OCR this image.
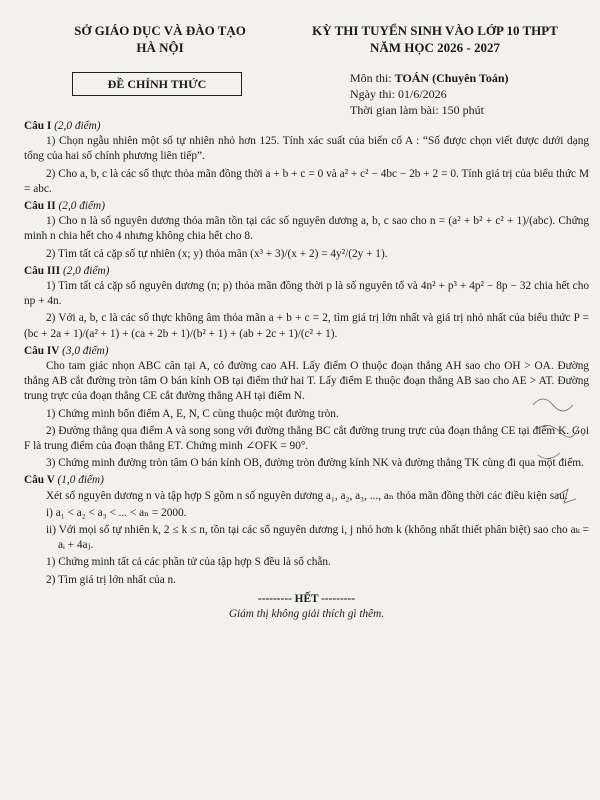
SỞ GIÁO DỤC VÀ ĐÀO TẠO
HÀ NỘI
ĐỀ CHÍNH THỨC
KỲ THI TUYỂN SINH VÀO LỚP 10 THPT
NĂM HỌC 2026 - 2027
Môn thi: TOÁN (Chuyên Toán)
Ngày thi: 01/6/2026
Thời gian làm bài: 150 phút
Câu I (2,0 điểm)

1) Chọn ngẫu nhiên một số tự nhiên nhỏ hơn 125. Tính xác suất của biến cố A : “Số được chọn viết được dưới dạng tổng của hai số chính phương liên tiếp”.

2) Cho a, b, c là các số thực thỏa mãn đồng thời a + b + c = 0 và a² + c² − 4bc − 2b + 2 = 0. Tính giá trị của biểu thức M = abc.

Câu II (2,0 điểm)

1) Cho n là số nguyên dương thỏa mãn tồn tại các số nguyên dương a, b, c sao cho n = (a² + b² + c² + 1)/(abc). Chứng minh n chia hết cho 4 nhưng không chia hết cho 8.

2) Tìm tất cả cặp số tự nhiên (x; y) thỏa mãn (x³ + 3)/(x + 2) = 4y²/(2y + 1).

Câu III (2,0 điểm)

1) Tìm tất cả cặp số nguyên dương (n; p) thỏa mãn đồng thời p là số nguyên tố và 4n² + p³ + 4p² − 8p − 32 chia hết cho np + 4n.

2) Với a, b, c là các số thực không âm thỏa mãn a + b + c = 2, tìm giá trị lớn nhất và giá trị nhỏ nhất của biểu thức P = (bc + 2a + 1)/(a² + 1) + (ca + 2b + 1)/(b² + 1) + (ab + 2c + 1)/(c² + 1).

Câu IV (3,0 điểm)

Cho tam giác nhọn ABC cân tại A, có đường cao AH. Lấy điểm O thuộc đoạn thẳng AH sao cho OH > OA. Đường thẳng AB cắt đường tròn tâm O bán kính OB tại điểm thứ hai T. Lấy điểm E thuộc đoạn thẳng AB sao cho AE > AT. Đường trung trực của đoạn thẳng CE cắt đường thẳng AH tại điểm N.

1) Chứng minh bốn điểm A, E, N, C cùng thuộc một đường tròn.

2) Đường thẳng qua điểm A và song song với đường thẳng BC cắt đường trung trực của đoạn thẳng CE tại điểm K. Gọi F là trung điểm của đoạn thẳng ET. Chứng minh ∠OFK = 90°.

3) Chứng minh đường tròn tâm O bán kính OB, đường tròn đường kính NK và đường thẳng TK cùng đi qua một điểm.

Câu V (1,0 điểm)

Xét số nguyên dương n và tập hợp S gồm n số nguyên dương a₁, a₂, a₃, ..., aₙ thỏa mãn đồng thời các điều kiện sau:

i) a₁ < a₂ < a₃ < ... < aₙ = 2000.

ii) Với mọi số tự nhiên k, 2 ≤ k ≤ n, tồn tại các số nguyên dương i, j nhỏ hơn k (không nhất thiết phân biệt) sao cho aₖ = aᵢ + 4aⱼ.

1) Chứng minh tất cả các phần tử của tập hợp S đều là số chẵn.

2) Tìm giá trị lớn nhất của n.

--------- HẾT ---------
Giám thị không giải thích gì thêm.
